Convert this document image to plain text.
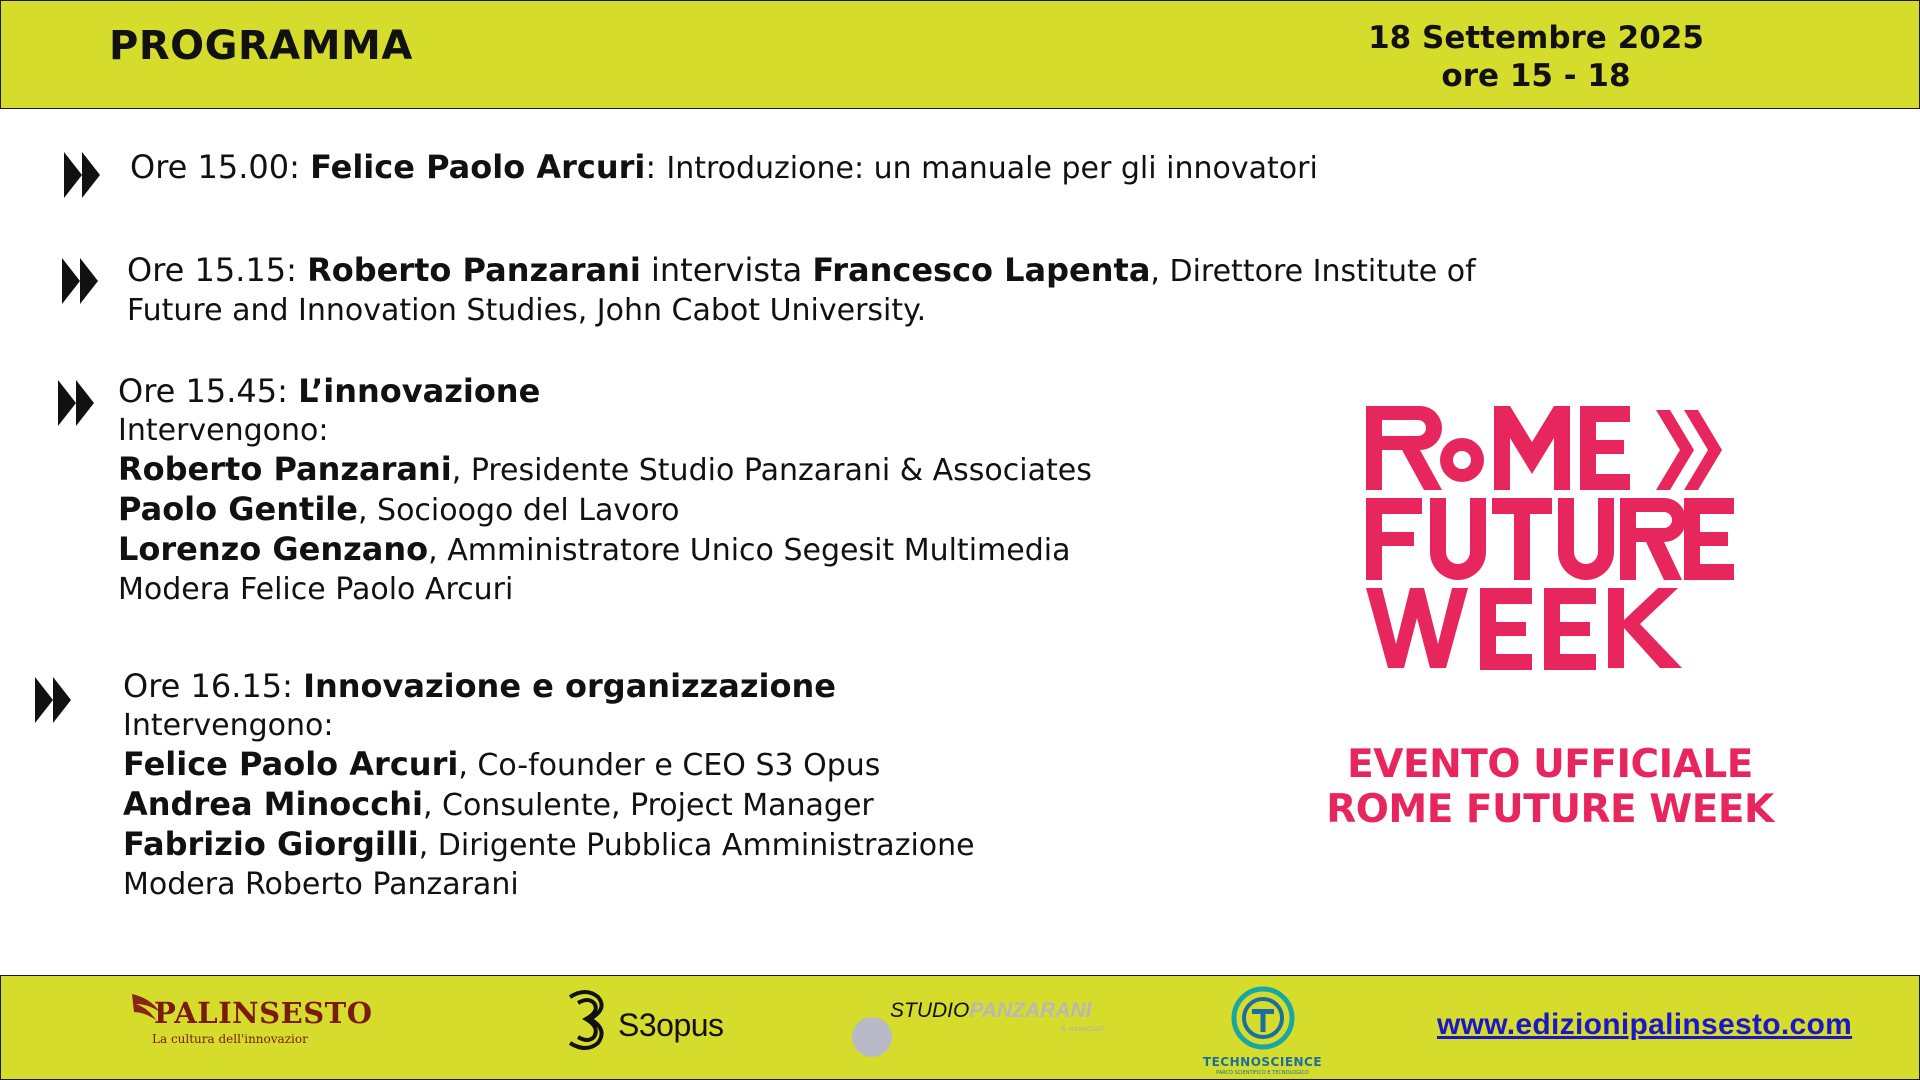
PROGRAMMA	18 Settembre 2025
ore 15 - 18
Ore 15.00: Felice Paolo Arcuri: Introduzione: un manuale per gli innovatori
Ore 15.15: Roberto Panzarani intervista Francesco Lapenta, Direttore Institute of
Future and Innovation Studies, John Cabot University.
Ore 15.45: L’innovazione
Intervengono:
Roberto Panzarani, Presidente Studio Panzarani & Associates
Paolo Gentile, Socioogo del Lavoro
Lorenzo Genzano, Amministratore Unico Segesit Multimedia
Modera Felice Paolo Arcuri
Ore 16.15: Innovazione e organizzazione
Intervengono:
Felice Paolo Arcuri, Co-founder e CEO S3 Opus
Andrea Minocchi, Consulente, Project Manager
Fabrizio Giorgilli, Dirigente Pubblica Amministrazione
Modera Roberto Panzarani
EVENTO UFFICIALE
ROME FUTURE WEEK
PALINSESTO
La cultura dell'innovazior	S3opus	STUDIOPANZARANI
& associati
TECHNOSCIENCE
PARCO SCIENTIFICO E TECNOLOGICO
www.edizionipalinsesto.com
